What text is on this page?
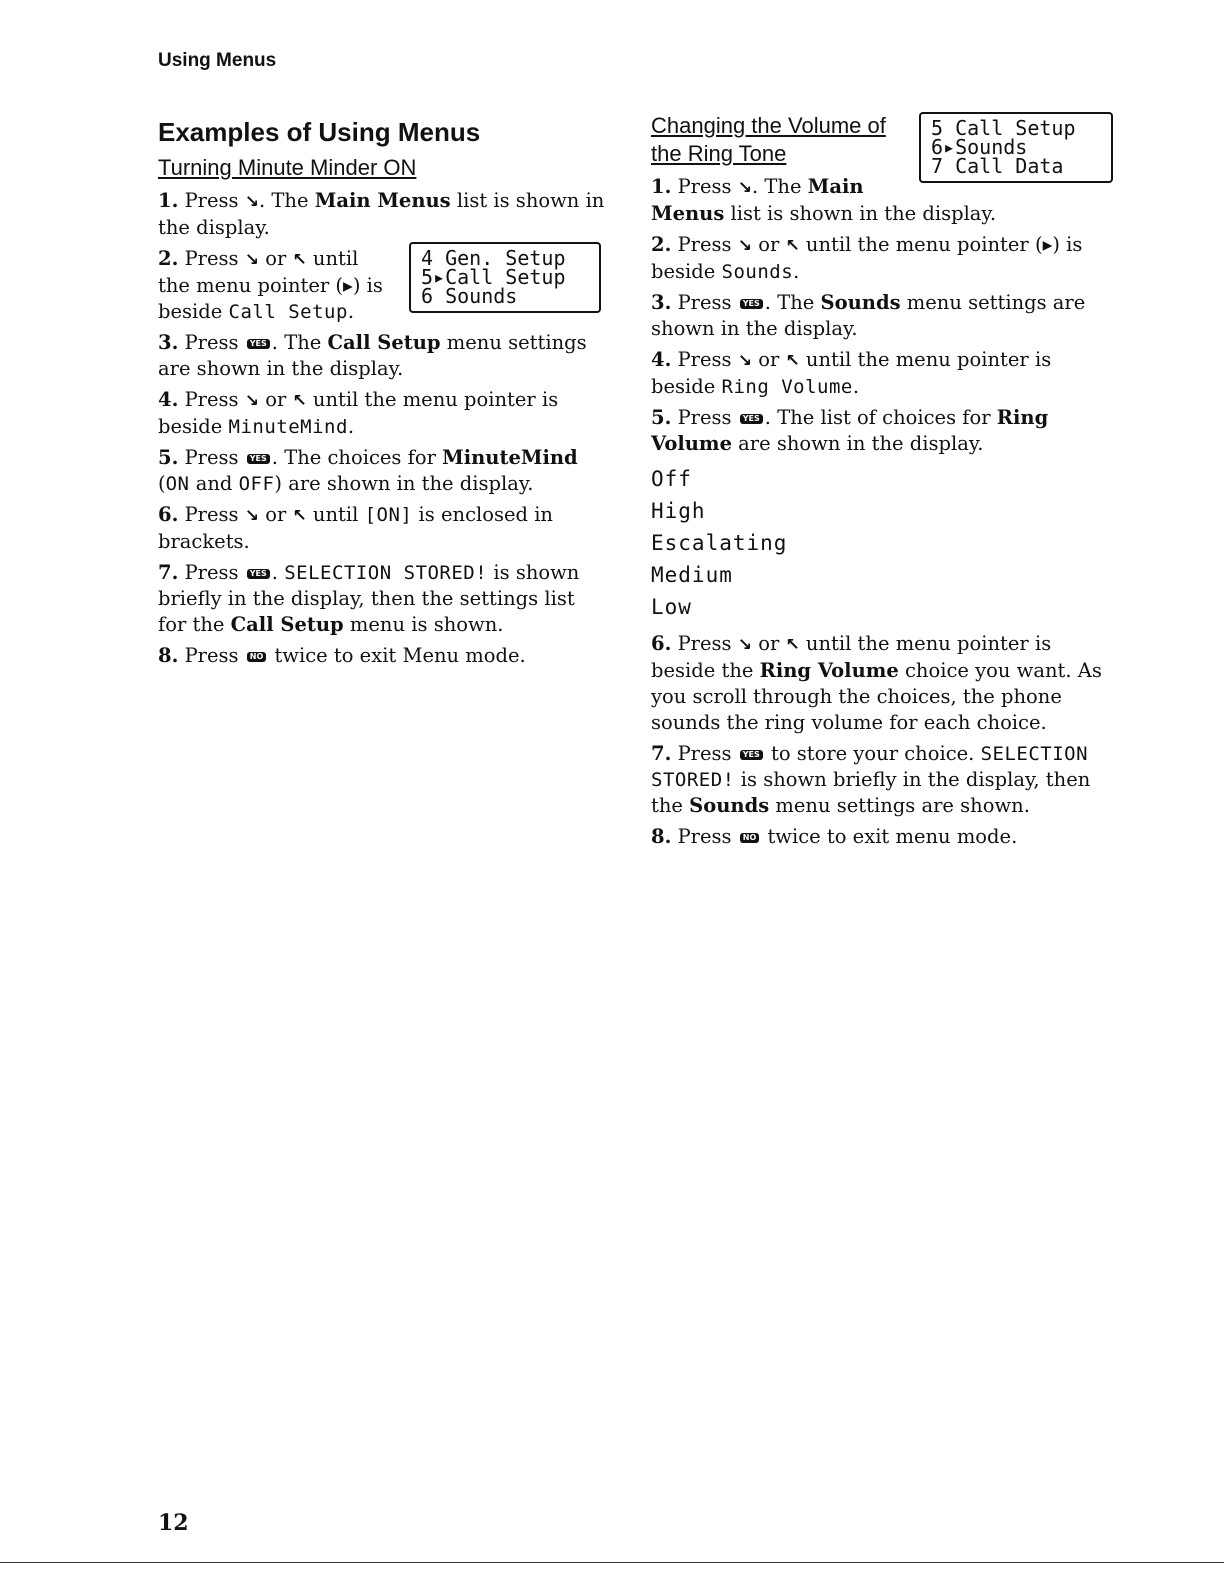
Using Menus
Examples of Using Menus
Turning Minute Minder ON
1. Press ↘. The Main Menus list is shown in the display.
2. Press ↘ or ↖ until the menu pointer (▸) is beside Call Setup.
4 Gen. Setup
5▸Call Setup
6 Sounds
3. Press YES . The Call Setup menu settings are shown in the display.
4. Press ↘ or ↖ until the menu pointer is beside MinuteMind.
5. Press YES . The choices for MinuteMind (ON and OFF) are shown in the display.
6. Press ↘ or ↖ until [ON] is enclosed in brackets.
7. Press YES . SELECTION STORED! is shown briefly in the display, then the settings list for the Call Setup menu is shown.
8. Press NO twice to exit Menu mode.
5 Call Setup
6▸Sounds
7 Call Data
Changing the Volume of the Ring Tone
1. Press ↘. The Main Menus list is shown in the display.
2. Press ↘ or ↖ until the menu pointer (▸) is beside Sounds.
3. Press YES . The Sounds menu settings are shown in the display.
4. Press ↘ or ↖ until the menu pointer is beside Ring Volume.
5. Press YES . The list of choices for Ring Volume are shown in the display.
Off
High
Escalating
Medium
Low
6. Press ↘ or ↖ until the menu pointer is beside the Ring Volume choice you want. As you scroll through the choices, the phone sounds the ring volume for each choice.
7. Press YES to store your choice. SELECTION STORED! is shown briefly in the display, then the Sounds menu settings are shown.
8. Press NO twice to exit menu mode.
12
